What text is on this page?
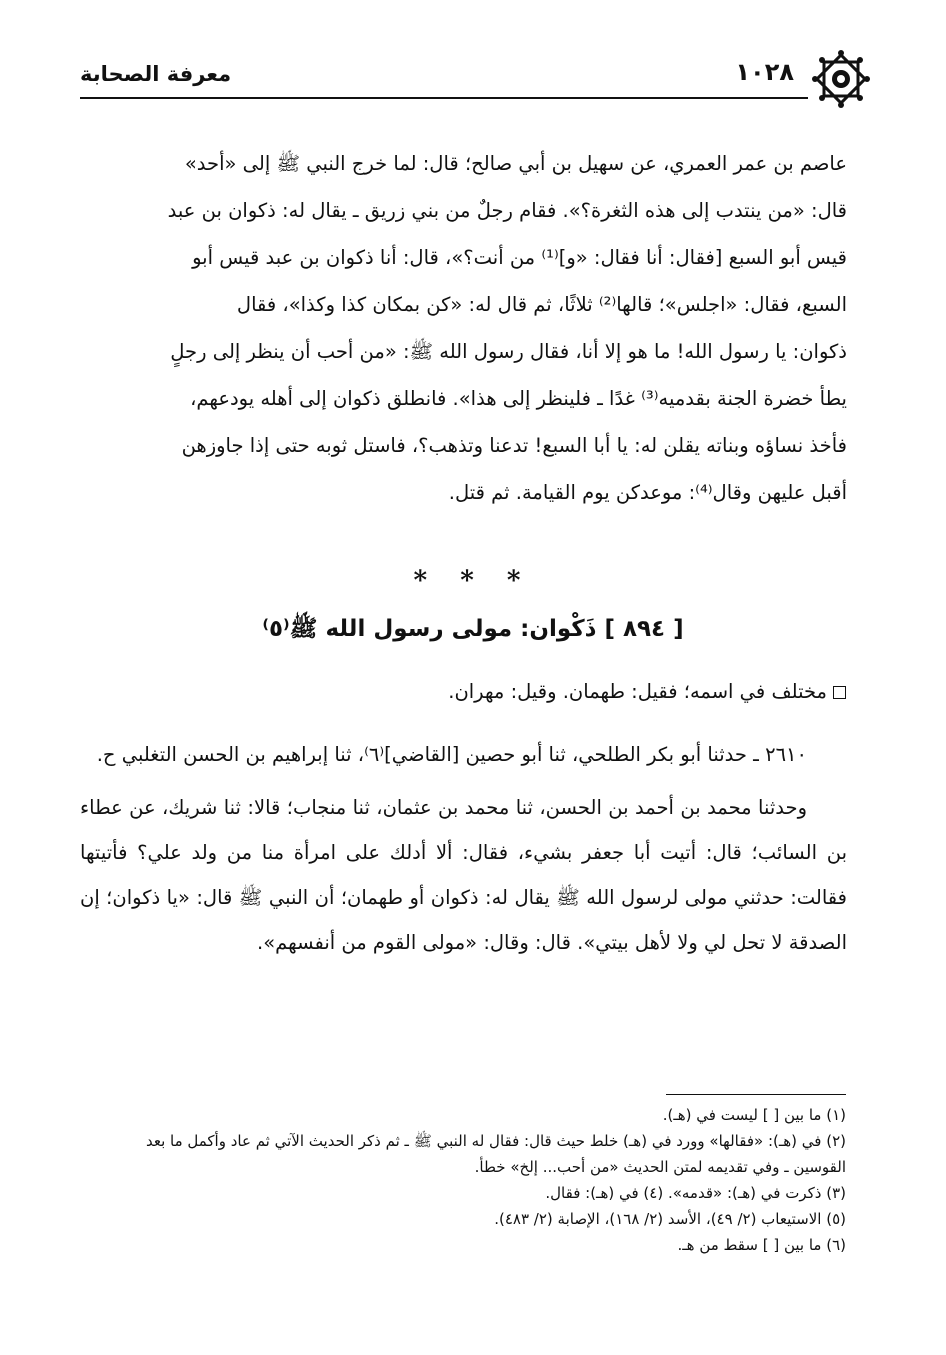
معرفة الصحابة	١٠٢٨

عاصم بن عمر العمري، عن سهيل بن أبي صالح؛ قال: لما خرج النبي ﷺ إلى «أحد»

قال: «من ينتدب إلى هذه الثغرة؟». فقام رجلٌ من بني زريق ـ يقال له: ذكوان بن عبد

قيس أبو السبع [فقال: أنا فقال: «و]⁽¹⁾ من أنت؟»، قال: أنا ذكوان بن عبد قيس أبو

السبع، فقال: «اجلس»؛ قالها⁽²⁾ ثلاثًا، ثم قال له: «كن بمكان كذا وكذا»، فقال

ذكوان: يا رسول الله! ما هو إلا أنا، فقال رسول الله ﷺ: «من أحب أن ينظر إلى رجلٍ

يطأ خضرة الجنة بقدميه⁽³⁾ غدًا ـ فلينظر إلى هذا». فانطلق ذكوان إلى أهله يودعهم،

فأخذ نساؤه وبناته يقلن له: يا أبا السبع! تدعنا وتذهب؟، فاستل ثوبه حتى إذا جاوزهن

أقبل عليهن وقال⁽⁴⁾: موعدكن يوم القيامة. ثم قتل.

* * *
[ ٨٩٤ ] ذَكْوان: مولى رسول الله ﷺ⁽٥⁾
مختلف في اسمه؛ فقيل: طهمان. وقيل: مهران.

٢٦١٠ ـ حدثنا أبو بكر الطلحي، ثنا أبو حصين [القاضي]⁽٦⁾، ثنا إبراهيم بن الحسن التغلبي ح.

وحدثنا محمد بن أحمد بن الحسن، ثنا محمد بن عثمان، ثنا منجاب؛ قالا: ثنا شريك، عن عطاء بن السائب؛ قال: أتيت أبا جعفر بشيء، فقال: ألا أدلك على امرأة منا من ولد علي؟ فأتيتها فقالت: حدثني مولى لرسول الله ﷺ يقال له: ذكوان أو طهمان؛ أن النبي ﷺ قال: «يا ذكوان؛ إن الصدقة لا تحل لي ولا لأهل بيتي». قال: وقال: «مولى القوم من أنفسهم».

(١) ما بين [ ] ليست في (هـ).
(٢) في (هـ): «فقالها» وورد في (هـ) خلط حيث قال: فقال له النبي ﷺ ـ ثم ذكر الحديث الآتي ثم عاد وأكمل ما بعد القوسين ـ وفي تقديمه لمتن الحديث «من أحب... إلخ» خطأ.
(٣) ذكرت في (هـ): «قدمه». (٤) في (هـ): فقال.
(٥) الاستيعاب (٢/ ٤٩)، الأسد (٢/ ١٦٨)، الإصابة (٢/ ٤٨٣).
(٦) ما بين [ ] سقط من هـ.
